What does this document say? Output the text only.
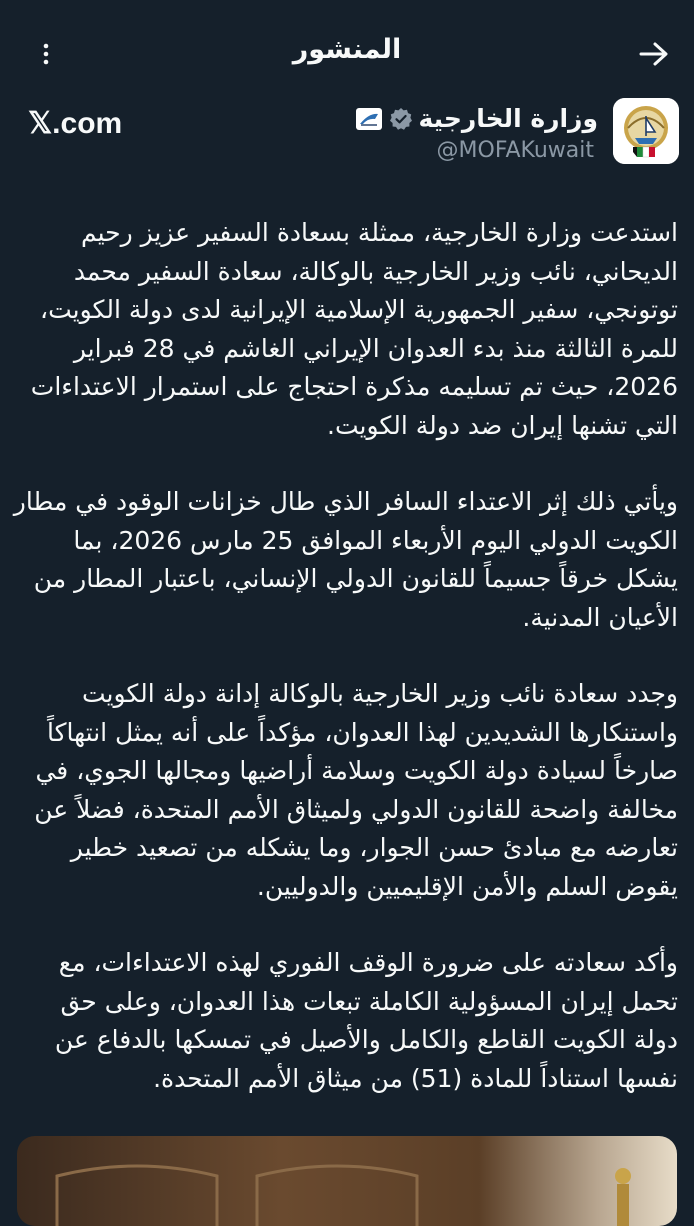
المنشور
وزارة الخارجية
@MOFAKuwait
𝕏.com

استدعت وزارة الخارجية، ممثلة بسعادة السفير عزيز رحيم الديحاني، نائب وزير الخارجية بالوكالة، سعادة السفير محمد توتونجي، سفير الجمهورية الإسلامية الإيرانية لدى دولة الكويت، للمرة الثالثة منذ بدء العدوان الإيراني الغاشم في 28 فبراير 2026، حيث تم تسليمه مذكرة احتجاج على استمرار الاعتداءات التي تشنها إيران ضد دولة الكويت.

ويأتي ذلك إثر الاعتداء السافر الذي طال خزانات الوقود في مطار الكويت الدولي اليوم الأربعاء الموافق 25 مارس 2026، بما يشكل خرقاً جسيماً للقانون الدولي الإنساني، باعتبار المطار من الأعيان المدنية.

وجدد سعادة نائب وزير الخارجية بالوكالة إدانة دولة الكويت واستنكارها الشديدين لهذا العدوان، مؤكداً على أنه يمثل انتهاكاً صارخاً لسيادة دولة الكويت وسلامة أراضيها ومجالها الجوي، في مخالفة واضحة للقانون الدولي ولميثاق الأمم المتحدة، فضلاً عن تعارضه مع مبادئ حسن الجوار، وما يشكله من تصعيد خطير يقوض السلم والأمن الإقليميين والدوليين.

وأكد سعادته على ضرورة الوقف الفوري لهذه الاعتداءات، مع تحمل إيران المسؤولية الكاملة تبعات هذا العدوان، وعلى حق دولة الكويت القاطع والكامل والأصيل في تمسكها بالدفاع عن نفسها استناداً للمادة (51) من ميثاق الأمم المتحدة.
